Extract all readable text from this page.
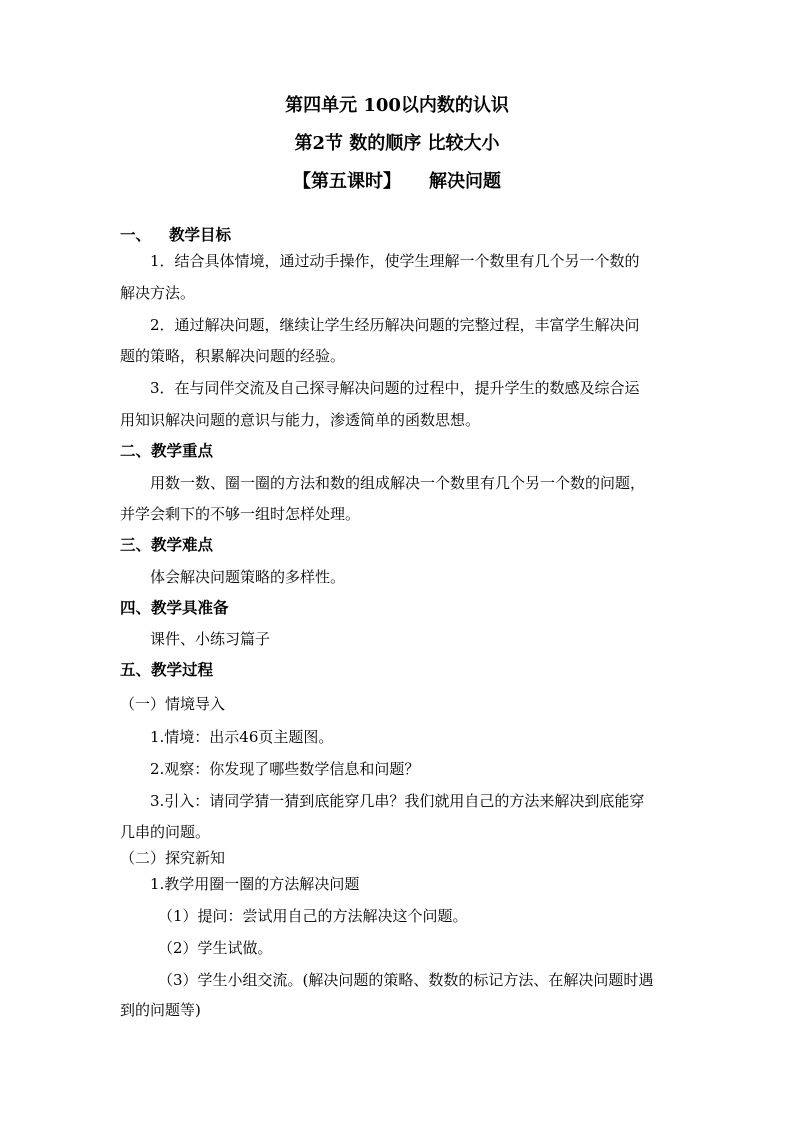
第四单元 100以内数的认识
第2节 数的顺序 比较大小
【第五课时】 解决问题
一、 教学目标
1．结合具体情境，通过动手操作，使学生理解一个数里有几个另一个数的
解决方法。
2．通过解决问题，继续让学生经历解决问题的完整过程，丰富学生解决问
题的策略，积累解决问题的经验。
3．在与同伴交流及自己探寻解决问题的过程中，提升学生的数感及综合运
用知识解决问题的意识与能力，渗透简单的函数思想。
二、教学重点
用数一数、圈一圈的方法和数的组成解决一个数里有几个另一个数的问题，
并学会剩下的不够一组时怎样处理。
三、教学难点
体会解决问题策略的多样性。
四、教学具准备
课件、小练习篇子
五、教学过程
（一）情境导入
1.情境：出示46页主题图。
2.观察：你发现了哪些数学信息和问题？
3.引入：请同学猜一猜到底能穿几串？我们就用自己的方法来解决到底能穿
几串的问题。
（二）探究新知
1.教学用圈一圈的方法解决问题
（1）提问：尝试用自己的方法解决这个问题。
（2）学生试做。
（3）学生小组交流。(解决问题的策略、数数的标记方法、在解决问题时遇
到的问题等)
